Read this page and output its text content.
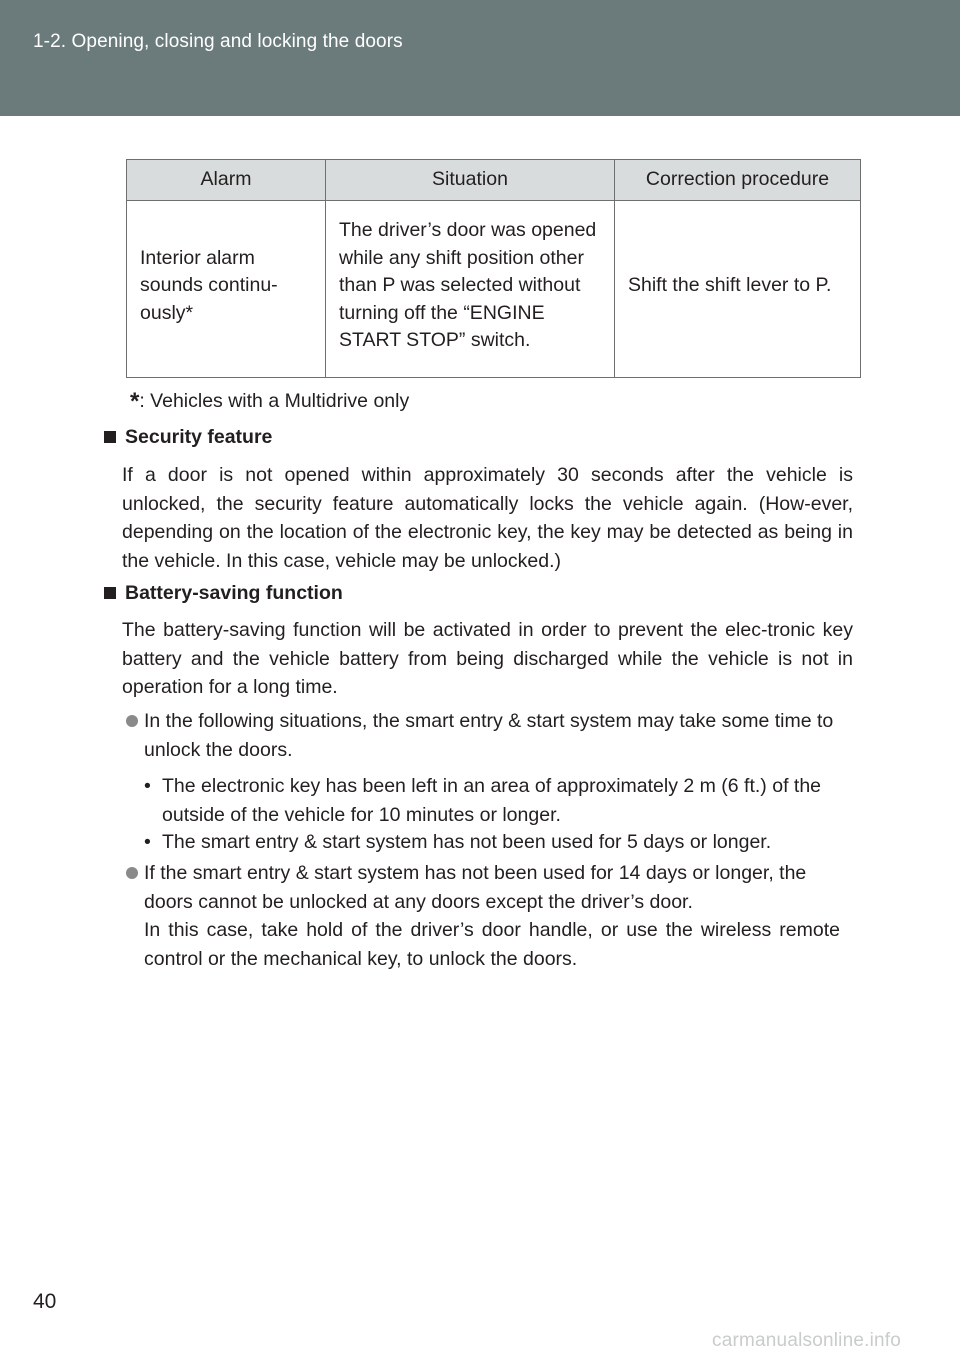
1-2. Opening, closing and locking the doors
Alarm	Situation	Correction procedure
Interior alarm sounds continu-ously*	The driver’s door was opened while any shift position other than P was selected without turning off the “ENGINE START STOP” switch.	Shift the shift lever to P.
*: Vehicles with a Multidrive only
Security feature
If a door is not opened within approximately 30 seconds after the vehicle is unlocked, the security feature automatically locks the vehicle again. (How-ever, depending on the location of the electronic key, the key may be detected as being in the vehicle. In this case, vehicle may be unlocked.)
Battery-saving function
The battery-saving function will be activated in order to prevent the elec-tronic key battery and the vehicle battery from being discharged while the vehicle is not in operation for a long time.
In the following situations, the smart entry & start system may take some time to unlock the doors.
• The electronic key has been left in an area of approximately 2 m (6 ft.) of the outside of the vehicle for 10 minutes or longer.
• The smart entry & start system has not been used for 5 days or longer.
If the smart entry & start system has not been used for 14 days or longer, the doors cannot be unlocked at any doors except the driver’s door.
In this case, take hold of the driver’s door handle, or use the wireless remote control or the mechanical key, to unlock the doors.
40
carmanualsonline.info
